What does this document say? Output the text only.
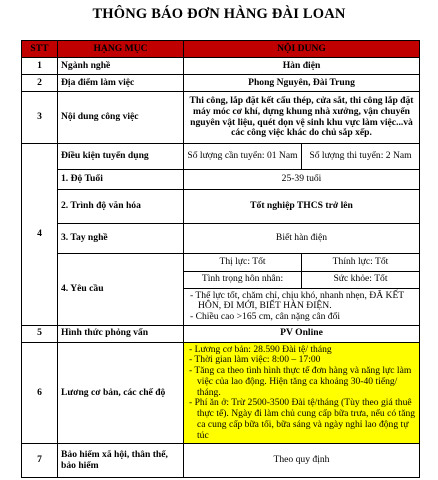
THÔNG BÁO ĐƠN HÀNG ĐÀI LOAN
STT	HẠNG MỤC	NỘI DUNG
1	Ngành nghề	Hàn điện
2	Địa điểm làm việc	Phong Nguyên, Đài Trung
3	Nội dung công việc	Thi công, lắp đặt kết cấu thép, cửa sắt, thi công lắp đặt máy móc cơ khí, dựng khung nhà xưởng, vận chuyển nguyên vật liệu, quét dọn vệ sinh khu vực làm việc...và các công việc khác do chủ sắp xếp.
4	Điều kiện tuyển dụng	Số lượng cần tuyển: 01 Nam	Số lượng thi tuyển: 2 Nam
1. Độ Tuổi	25-39 tuổi
2. Trình độ văn hóa	Tốt nghiệp THCS trở lên
3. Tay nghề	Biết hàn điện
4. Yêu cầu	
Thị lực: Tốt	Thính lực: Tốt
Tình trọng hôn nhân:	Sức khỏe: Tốt

- Thể lực tốt, chăm chỉ, chịu khó, nhanh nhẹn, ĐÃ KẾT HÔN, ĐI MỚI, BIẾT HÀN ĐIỆN.
- Chiều cao >165 cm, cân nặng cân đối

5	Hình thức phỏng vấn	PV Online
6	Lương cơ bản, các chế độ	
- Lương cơ bản: 28.590 Đài tệ/ tháng
- Thời gian làm việc: 8:00 – 17:00
- Tăng ca theo tình hình thực tế đơn hàng và năng lực làm việc của lao động. Hiện tăng ca khoảng 30-40 tiếng/ tháng.
- Phí ăn ở: Trừ 2500-3500 Đài tệ/tháng (Tùy theo giá thuê thực tế). Ngày đi làm chủ cung cấp bữa trưa, nếu có tăng ca cung cấp bữa tối, bữa sáng và ngày nghỉ lao động tự túc

7	Bảo hiểm xã hội, thân thể, bảo hiểm	Theo quy định
